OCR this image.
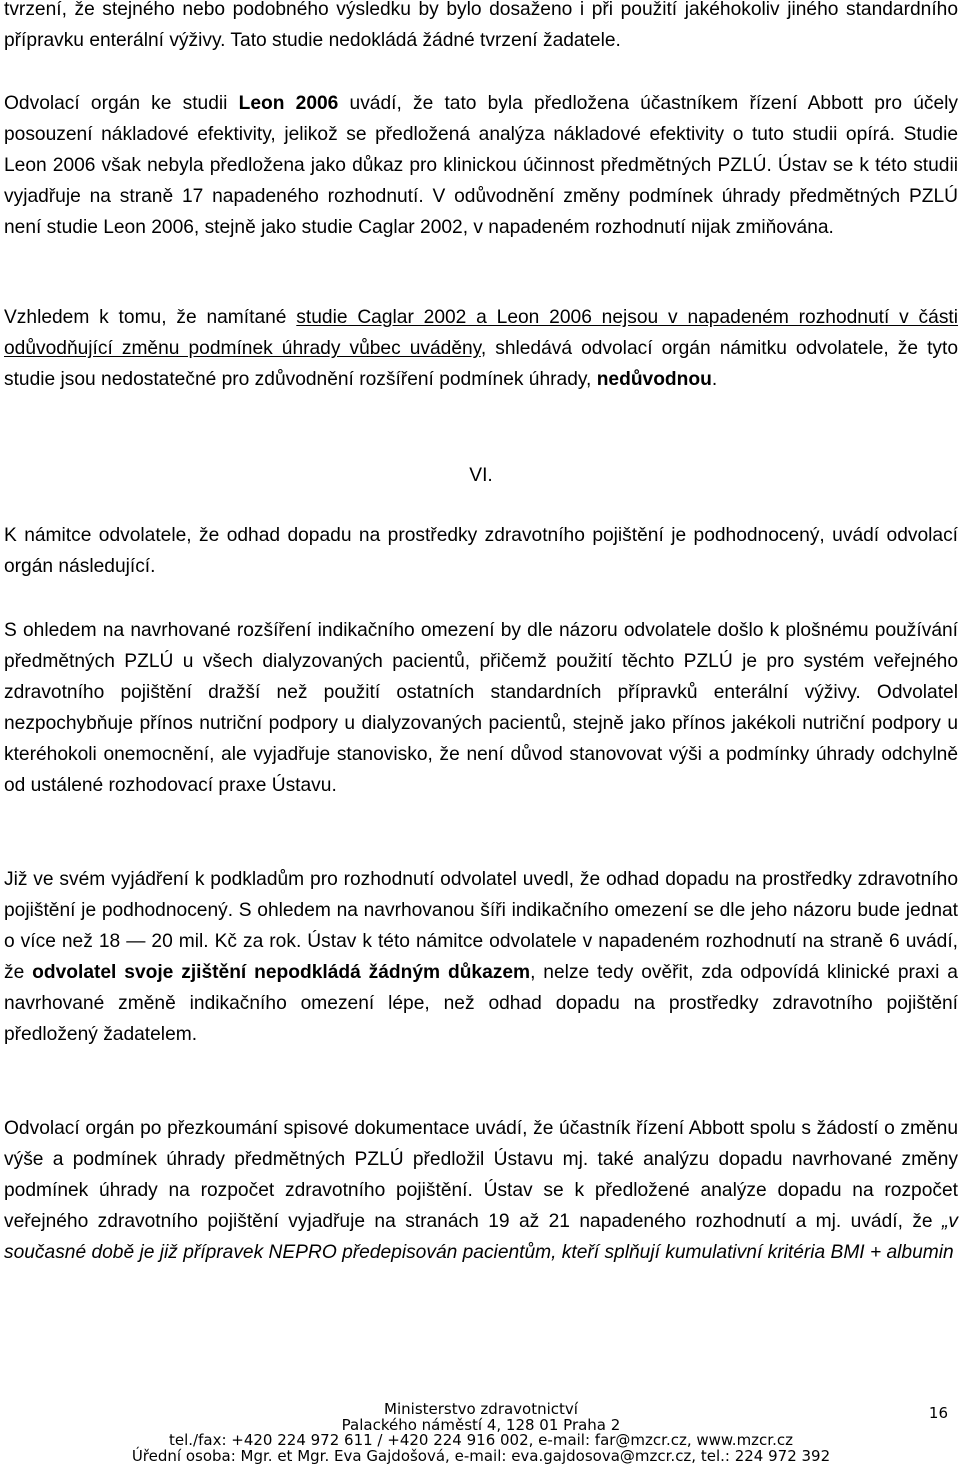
tvrzení, že stejného nebo podobného výsledku by bylo dosaženo i při použití jakéhokoliv jiného standardního přípravku enterální výživy. Tato studie nedokládá žádné tvrzení žadatele.

Odvolací orgán ke studii Leon 2006 uvádí, že tato byla předložena účastníkem řízení Abbott pro účely posouzení nákladové efektivity, jelikož se předložená analýza nákladové efektivity o tuto studii opírá. Studie Leon 2006 však nebyla předložena jako důkaz pro klinickou účinnost předmětných PZLÚ. Ústav se k této studii vyjadřuje na straně 17 napadeného rozhodnutí. V odůvodnění změny podmínek úhrady předmětných PZLÚ není studie Leon 2006, stejně jako studie Caglar 2002, v napadeném rozhodnutí nijak zmiňována.

Vzhledem k tomu, že namítané studie Caglar 2002 a Leon 2006 nejsou v napadeném rozhodnutí v části odůvodňující změnu podmínek úhrady vůbec uváděny, shledává odvolací orgán námitku odvolatele, že tyto studie jsou nedostatečné pro zdůvodnění rozšíření podmínek úhrady, nedůvodnou.

VI.

K námitce odvolatele, že odhad dopadu na prostředky zdravotního pojištění je podhodnocený, uvádí odvolací orgán následující.

S ohledem na navrhované rozšíření indikačního omezení by dle názoru odvolatele došlo k plošnému používání předmětných PZLÚ u všech dialyzovaných pacientů, přičemž použití těchto PZLÚ je pro systém veřejného zdravotního pojištění dražší než použití ostatních standardních přípravků enterální výživy. Odvolatel nezpochybňuje přínos nutriční podpory u dialyzovaných pacientů, stejně jako přínos jakékoli nutriční podpory u kteréhokoli onemocnění, ale vyjadřuje stanovisko, že není důvod stanovovat výši a podmínky úhrady odchylně od ustálené rozhodovací praxe Ústavu.

Již ve svém vyjádření k podkladům pro rozhodnutí odvolatel uvedl, že odhad dopadu na prostředky zdravotního pojištění je podhodnocený. S ohledem na navrhovanou šíři indikačního omezení se dle jeho názoru bude jednat o více než 18 — 20 mil. Kč za rok. Ústav k této námitce odvolatele v napadeném rozhodnutí na straně 6 uvádí, že odvolatel svoje zjištění nepodkládá žádným důkazem, nelze tedy ověřit, zda odpovídá klinické praxi a navrhované změně indikačního omezení lépe, než odhad dopadu na prostředky zdravotního pojištění předložený žadatelem.

Odvolací orgán po přezkoumání spisové dokumentace uvádí, že účastník řízení Abbott spolu s žádostí o změnu výše a podmínek úhrady předmětných PZLÚ předložil Ústavu mj. také analýzu dopadu navrhované změny podmínek úhrady na rozpočet zdravotního pojištění. Ústav se k předložené analýze dopadu na rozpočet veřejného zdravotního pojištění vyjadřuje na stranách 19 až 21 napadeného rozhodnutí a mj. uvádí, že „v současné době je již přípravek NEPRO předepisován pacientům, kteří splňují kumulativní kritéria BMI + albumin

Ministerstvo zdravotnictví
Palackého náměstí 4, 128 01 Praha 2
tel./fax: +420 224 972 611 / +420 224 916 002, e-mail: far@mzcr.cz, www.mzcr.cz
Úřední osoba: Mgr. et Mgr. Eva Gajdošová, e-mail: eva.gajdosova@mzcr.cz, tel.: 224 972 392
16
